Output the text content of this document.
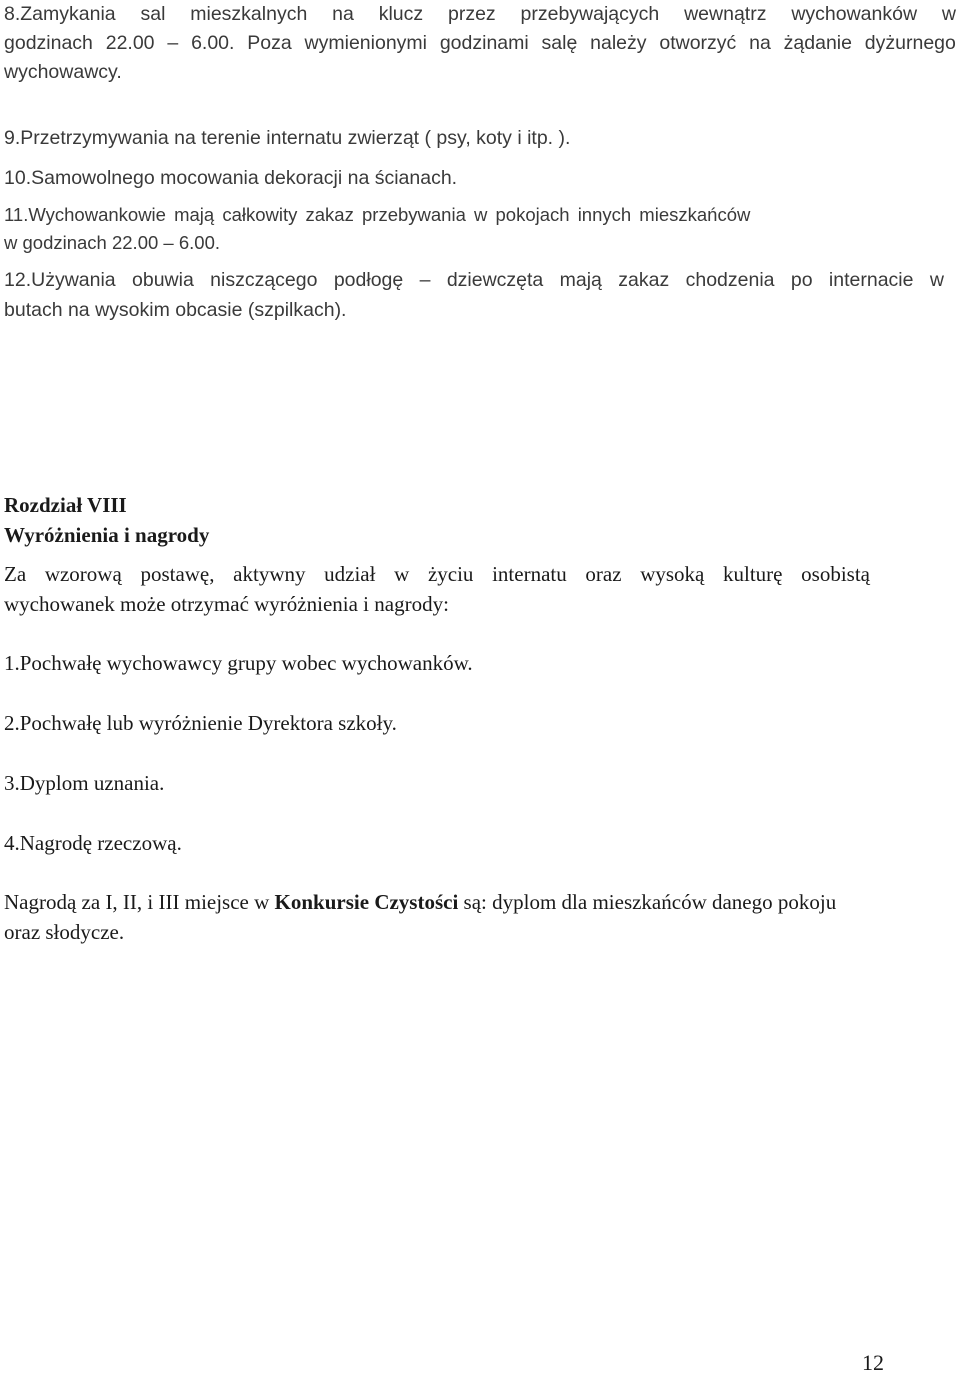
8.Zamykania sal mieszkalnych na klucz przez przebywających wewnątrz wychowanków w
godzinach 22.00 – 6.00. Poza wymienionymi godzinami salę należy otworzyć na żądanie dyżurnego
wychowawcy.
9.Przetrzymywania na terenie internatu zwierząt ( psy, koty i itp. ).
10.Samowolnego mocowania dekoracji na ścianach.
11.Wychowankowie mają całkowity zakaz przebywania w pokojach innych mieszkańców
w godzinach 22.00 – 6.00.
12.Używania obuwia niszczącego podłogę – dziewczęta mają zakaz chodzenia po internacie w
butach na wysokim obcasie (szpilkach).
Rozdział VIII
Wyróżnienia i nagrody
Za wzorową postawę, aktywny udział w życiu internatu oraz wysoką kulturę osobistą
wychowanek może otrzymać wyróżnienia i nagrody:
1.Pochwałę wychowawcy grupy wobec wychowanków.
2.Pochwałę lub wyróżnienie Dyrektora szkoły.
3.Dyplom uznania.
4.Nagrodę rzeczową.
Nagrodą za I, II, i III miejsce w Konkursie Czystości są: dyplom dla mieszkańców danego pokoju
oraz słodycze.
12
